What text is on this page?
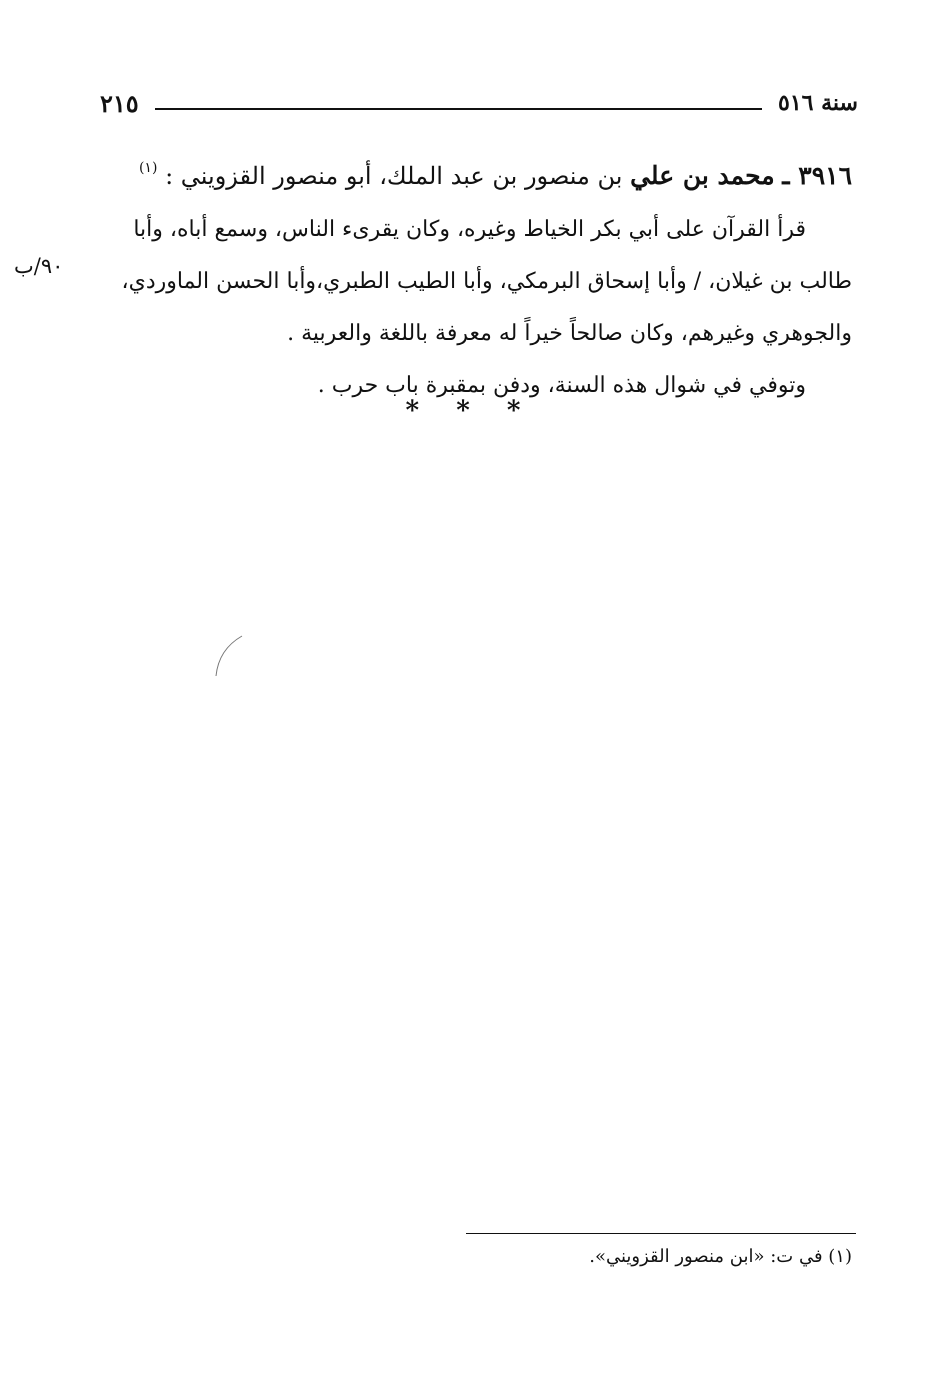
سنة ٥١٦
٢١٥
٣٩١٦ ـ محمد بن علي بن منصور بن عبد الملك، أبو منصور القزويني : $^{(١)}$
قرأ القرآن على أبي بكر الخياط وغيره، وكان يقرىء الناس، وسمع أباه، وأبا
طالب بن غيلان، / وأبا إسحاق البرمكي، وأبا الطيب الطبري،وأبا الحسن الماوردي،
والجوهري وغيرهم، وكان صالحاً خيراً له معرفة باللغة والعربية .
وتوفي في شوال هذه السنة، ودفن بمقبرة باب حرب .
٩٠/ب
* * *
(١) في ت: «ابن منصور القزويني».
